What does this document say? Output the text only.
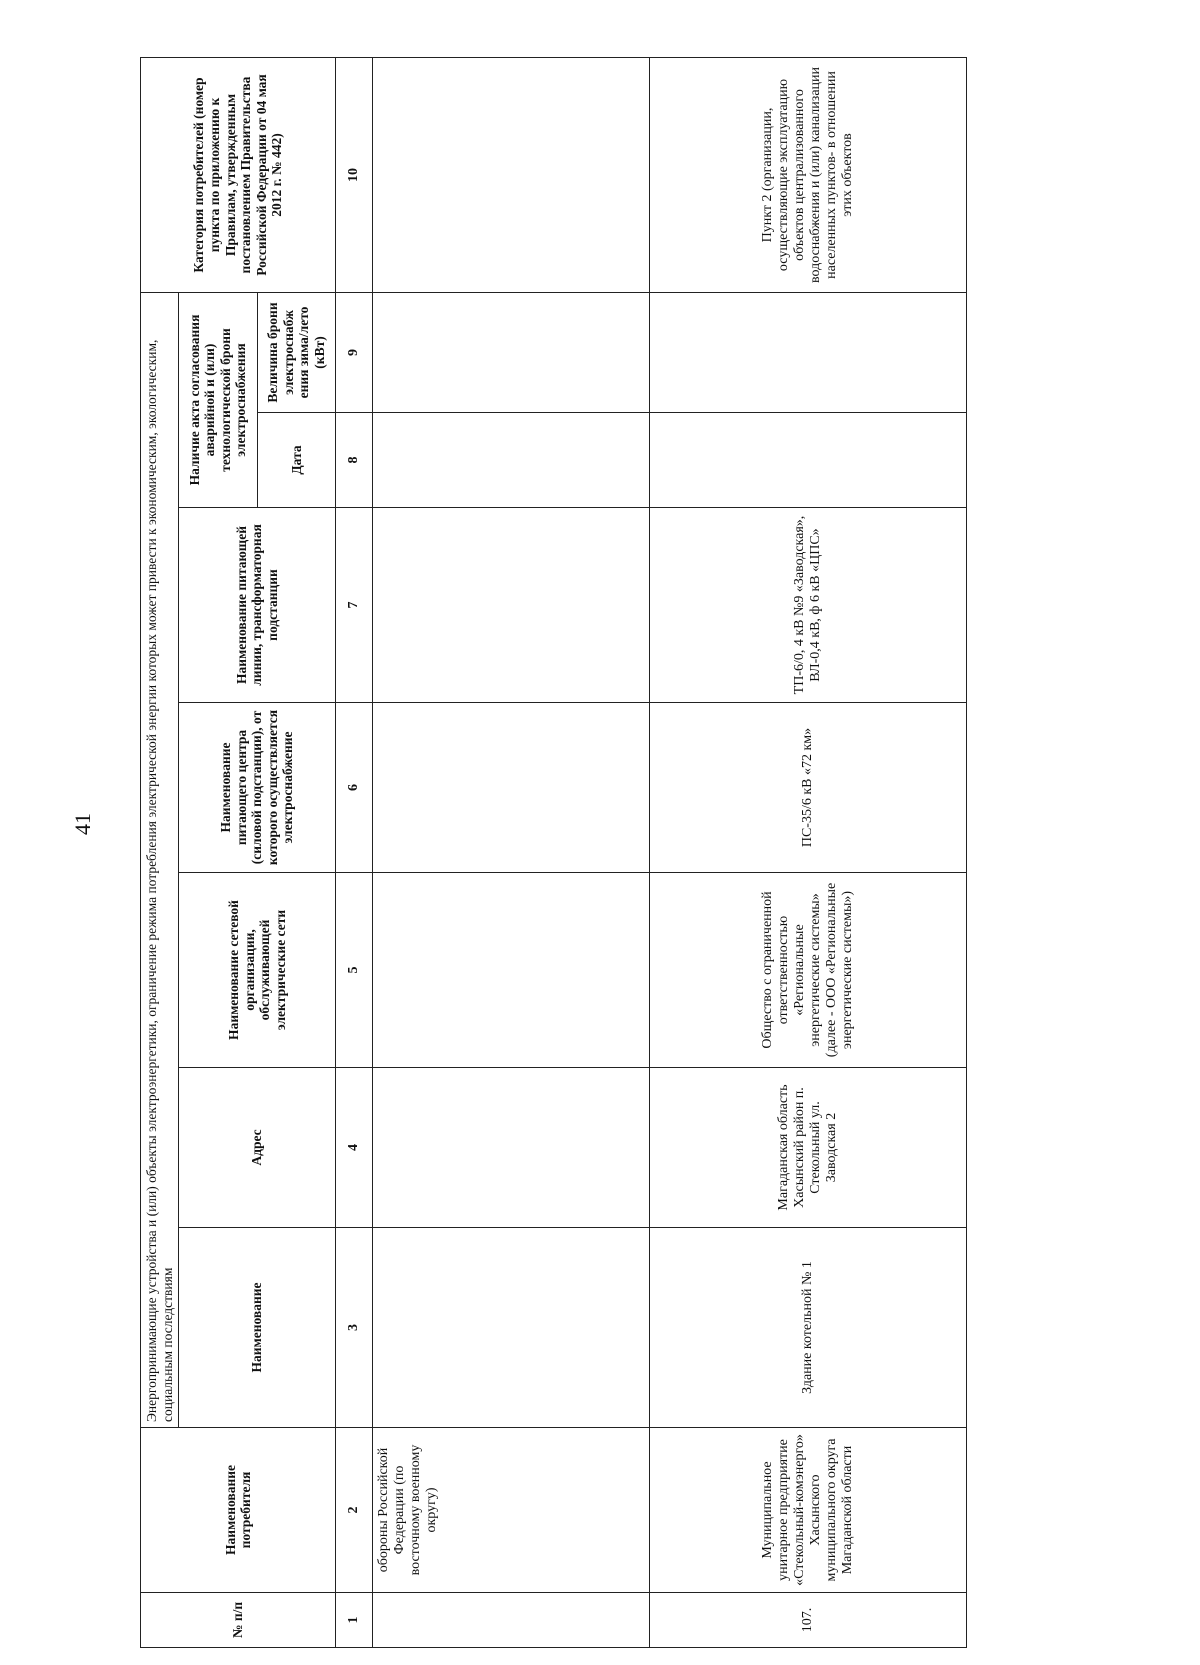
41
№ п/п	Наименование потребителя	Энергопринимающие устройства и (или) объекты электроэнергетики, ограничение режима потребления электрической энергии которых может привести к экономическим, экологическим, социальным последствиям							Категория потребителей (номер пункта по приложению к Правилам, утвержденным постановлением Правительства Российской Федерации от 04 мая 2012 г. № 442)
		Наименование	Адрес	Наименование сетевой организации, обслуживающей электрические сети	Наименование питающего центра (силовой подстанции), от которого осуществляется электроснабжение	Наименование питающей линии, трансформаторная подстанции	Наличие акта согласования аварийной и (или) технологической брони электроснабжения		
							Дата	Величина брони электроснабж ения зима/лето (кВт)	
1	2	3	4	5	6	7	8	9	10
	обороны Российской Федерации (по восточному военному округу)								
107.	Муниципальное унитарное предприятие «Стекольный-комэнерго» Хасынского муниципального округа Магаданской области	Здание котельной № 1	Магаданская область Хасынский район п. Стекольный ул. Заводская 2	Общество с ограниченной ответственностью «Региональные энергетические системы» (далее - ООО «Региональные энергетические системы»)	ПС-35/6 кВ «72 км»	ТП-6/0, 4 кВ №9 «Заводская», ВЛ-0,4 кВ, ф 6 кВ «ЦПС»			Пункт 2 (организации, осуществляющие эксплуатацию объектов централизованного водоснабжения и (или) канализации населенных пунктов- в отношении этих объектов
